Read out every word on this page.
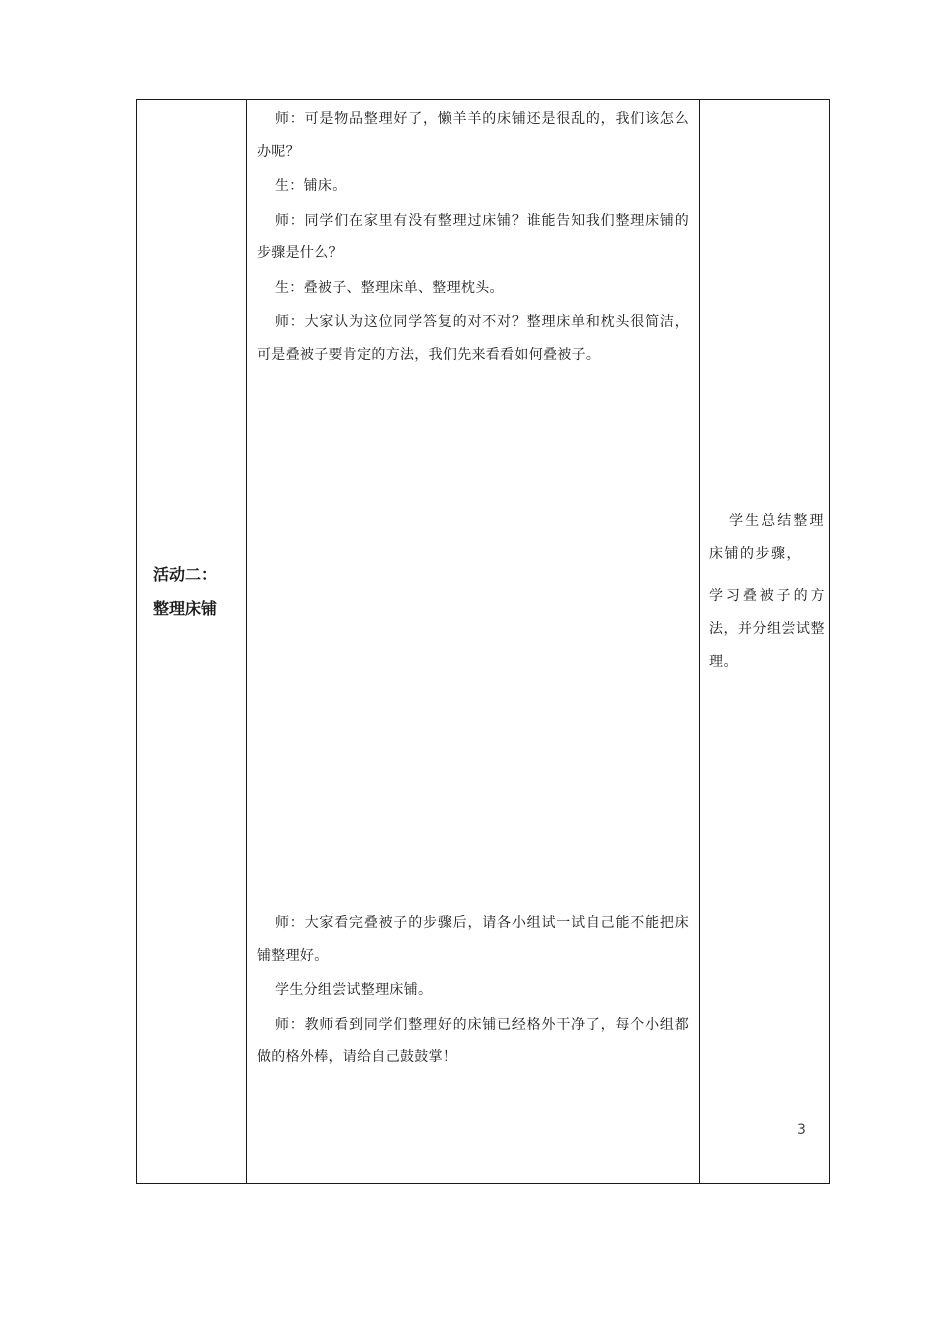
活动二：
整理床铺

师：可是物品整理好了，懒羊羊的床铺还是很乱的，我们该怎么办呢？

生：铺床。

师：同学们在家里有没有整理过床铺？谁能告知我们整理床铺的步骤是什么？

生：叠被子、整理床单、整理枕头。

师：大家认为这位同学答复的对不对？整理床单和枕头很简洁，可是叠被子要肯定的方法，我们先来看看如何叠被子。

师：大家看完叠被子的步骤后，请各小组试一试自己能不能把床铺整理好。

学生分组尝试整理床铺。

师：教师看到同学们整理好的床铺已经格外干净了，每个小组都做的格外棒，请给自己鼓鼓掌！

学生总结整理床铺的步骤，
学习叠被子的方法，并分组尝试整理。
3
